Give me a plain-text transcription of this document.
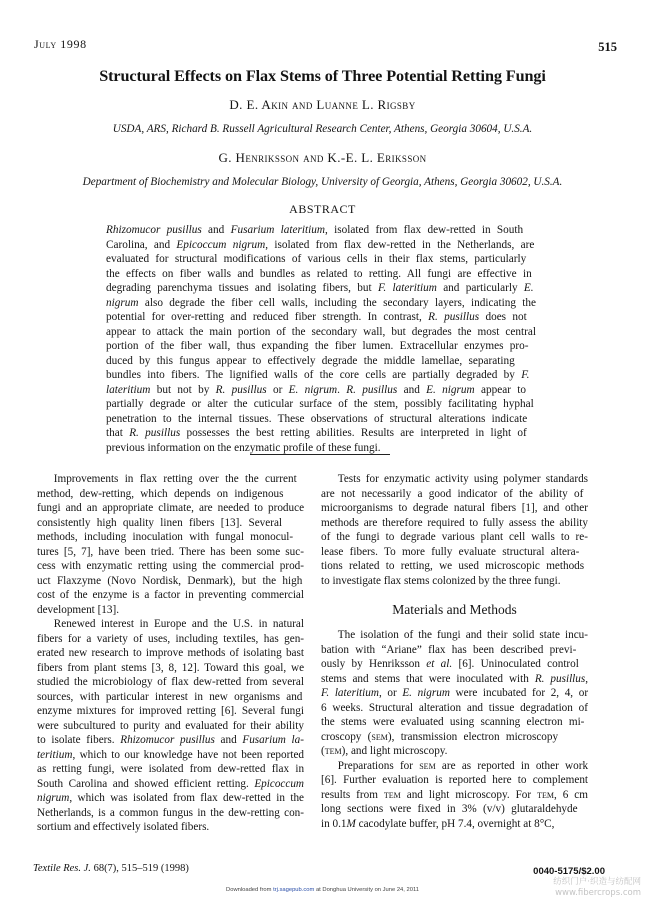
July 1998	515
Structural Effects on Flax Stems of Three Potential Retting Fungi
D. E. Akin and Luanne L. Rigsby
USDA, ARS, Richard B. Russell Agricultural Research Center, Athens, Georgia 30604, U.S.A.
G. Henriksson and K.-E. L. Eriksson
Department of Biochemistry and Molecular Biology, University of Georgia, Athens, Georgia 30602, U.S.A.
ABSTRACT
Rhizomucor pusillus and Fusarium lateritium, isolated from flax dew-retted in South
Carolina, and Epicoccum nigrum, isolated from flax dew-retted in the Netherlands, are
evaluated for structural modifications of various cells in their flax stems, particularly
the effects on fiber walls and bundles as related to retting. All fungi are effective in
degrading parenchyma tissues and isolating fibers, but F. lateritium and particularly E.
nigrum also degrade the fiber cell walls, including the secondary layers, indicating the
potential for over-retting and reduced fiber strength. In contrast, R. pusillus does not
appear to attack the main portion of the secondary wall, but degrades the most central
portion of the fiber wall, thus expanding the fiber lumen. Extracellular enzymes pro-
duced by this fungus appear to effectively degrade the middle lamellae, separating
bundles into fibers. The lignified walls of the core cells are partially degraded by F.
lateritium but not by R. pusillus or E. nigrum. R. pusillus and E. nigrum appear to
partially degrade or alter the cuticular surface of the stem, possibly facilitating hyphal
penetration to the internal tissues. These observations of structural alterations indicate
that R. pusillus possesses the best retting abilities. Results are interpreted in light of
previous information on the enzymatic profile of these fungi.
  Improvements in flax retting over the the current
method, dew-retting, which depends on indigenous
fungi and an appropriate climate, are needed to produce
consistently high quality linen fibers [13]. Several
methods, including inoculation with fungal monocul-
tures [5, 7], have been tried. There has been some suc-
cess with enzymatic retting using the commercial prod-
uct Flaxzyme (Novo Nordisk, Denmark), but the high
cost of the enzyme is a factor in preventing commercial
development [13].
  Renewed interest in Europe and the U.S. in natural
fibers for a variety of uses, including textiles, has gen-
erated new research to improve methods of isolating bast
fibers from plant stems [3, 8, 12]. Toward this goal, we
studied the microbiology of flax dew-retted from several
sources, with particular interest in new organisms and
enzyme mixtures for improved retting [6]. Several fungi
were subcultured to purity and evaluated for their ability
to isolate fibers. Rhizomucor pusillus and Fusarium la-
teritium, which to our knowledge have not been reported
as retting fungi, were isolated from dew-retted flax in
South Carolina and showed efficient retting. Epicoccum
nigrum, which was isolated from flax dew-retted in the
Netherlands, is a common fungus in the dew-retting con-
sortium and effectively isolated fibers.
  Tests for enzymatic activity using polymer standards
are not necessarily a good indicator of the ability of
microorganisms to degrade natural fibers [1], and other
methods are therefore required to fully assess the ability
of the fungi to degrade various plant cell walls to re-
lease fibers. To more fully evaluate structural altera-
tions related to retting, we used microscopic methods
to investigate flax stems colonized by the three fungi.
Materials and Methods
  The isolation of the fungi and their solid state incu-
bation with “Ariane” flax has been described previ-
ously by Henriksson et al. [6]. Uninoculated control
stems and stems that were inoculated with R. pusillus,
F. lateritium, or E. nigrum were incubated for 2, 4, or
6 weeks. Structural alteration and tissue degradation of
the stems were evaluated using scanning electron mi-
croscopy (sem), transmission electron microscopy
(tem), and light microscopy.
  Preparations for sem are as reported in other work
[6]. Further evaluation is reported here to complement
results from tem and light microscopy. For tem, 6 cm
long sections were fixed in 3% (v/v) glutaraldehyde
in 0.1M cacodylate buffer, pH 7.4, overnight at 8°C,
Textile Res. J. 68(7), 515–519 (1998)	0040-5175/$2.00
Downloaded from trj.sagepub.com at Donghua University on June 24, 2011
纺织门户·织造与纺配网
www.fibercrops.com
